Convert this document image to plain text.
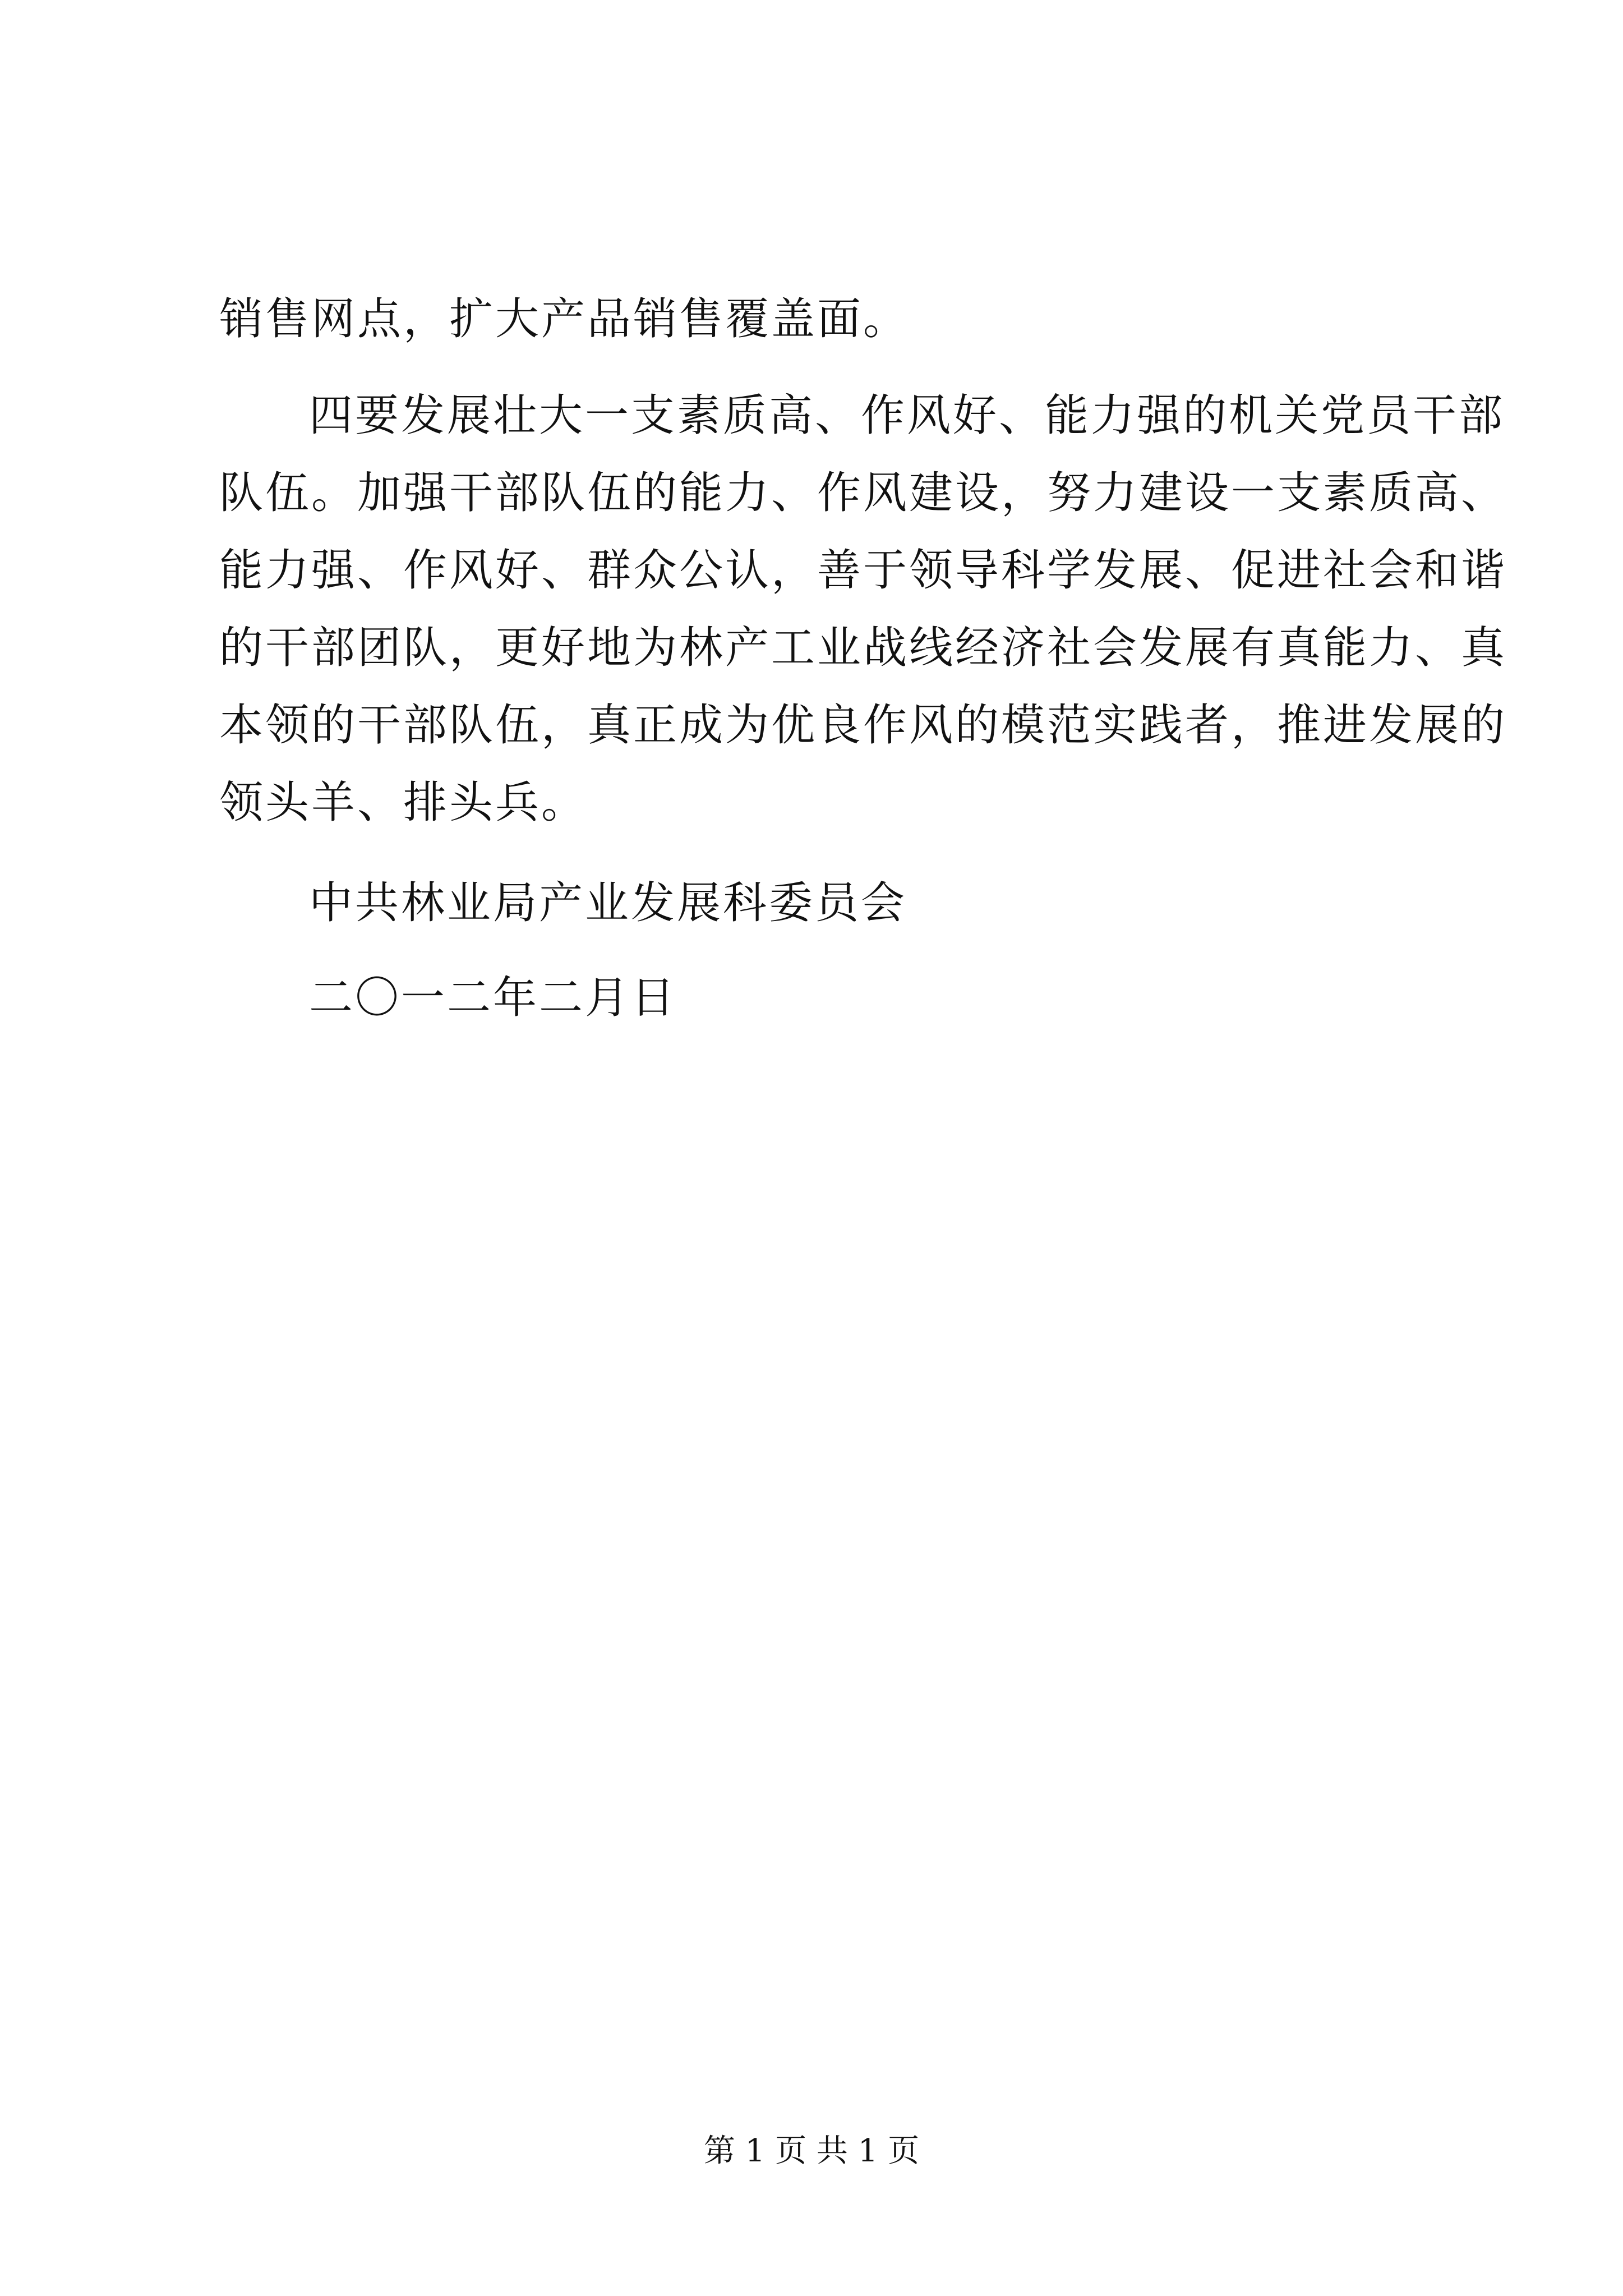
销售网点，扩大产品销售覆盖面。

四要发展壮大一支素质高、作风好、能力强的机关党员干部

队伍。加强干部队伍的能力、作风建设，努力建设一支素质高、

能力强、作风好、群众公认，善于领导科学发展、促进社会和谐

的干部团队，更好地为林产工业战线经济社会发展有真能力、真

本领的干部队伍，真正成为优良作风的模范实践者，推进发展的

领头羊、排头兵。

中共林业局产业发展科委员会

二〇一二年二月日

第 1 页 共 1 页
